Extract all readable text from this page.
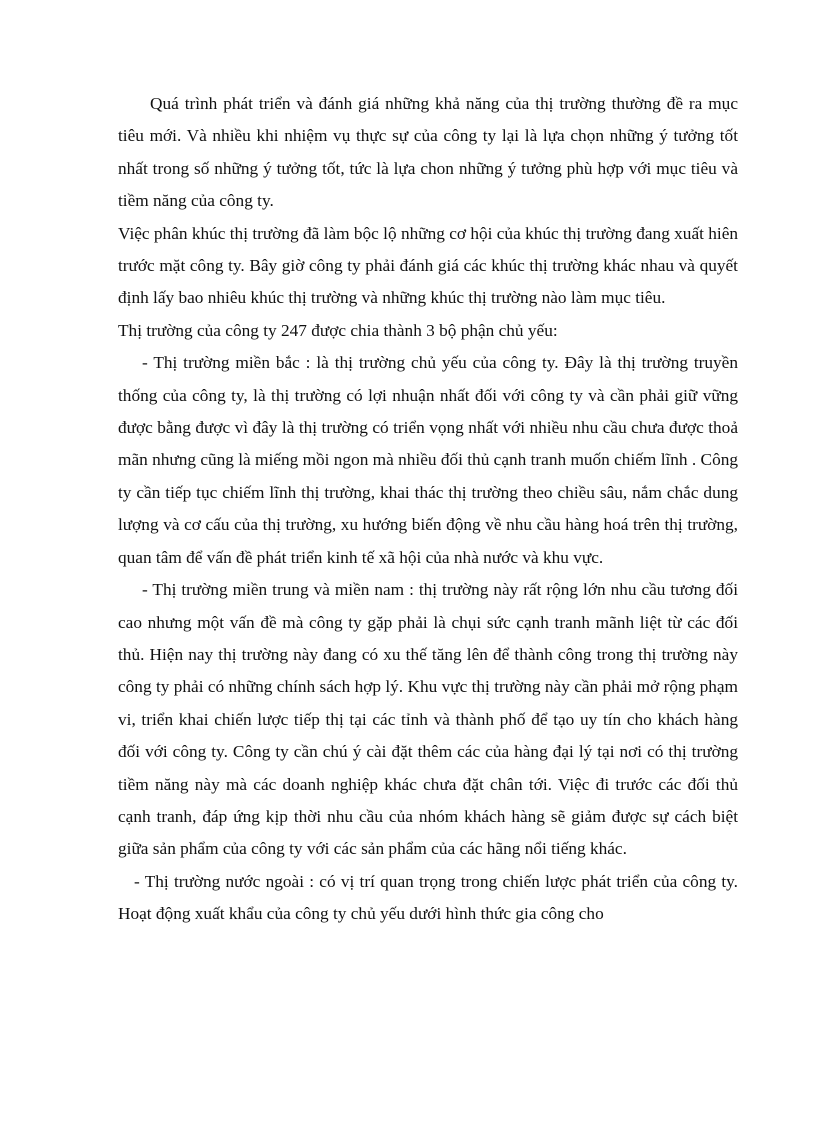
Quá trình phát triển và đánh giá những khả năng của thị trường thường đề ra mục tiêu mới. Và nhiều khi nhiệm vụ thực sự của công ty lại là lựa chọn những ý tưởng tốt nhất trong số những ý tưởng tốt, tức là lựa chon những ý tưởng phù hợp với mục tiêu và tiềm năng của công ty.

Việc phân khúc thị trường đã làm bộc lộ những cơ hội của khúc thị trường đang xuất hiên trước mặt công ty. Bây giờ công ty phải đánh giá các khúc thị trường khác nhau và quyết định lấy bao nhiêu khúc thị trường và những khúc thị trường nào làm mục tiêu.

Thị trường của công ty 247 được chia thành 3 bộ phận chủ yếu:

- Thị trường miền bắc : là thị trường chủ yếu của công ty. Đây là thị trường truyền thống của công ty, là thị trường có lợi nhuận nhất đối với công ty và cần phải giữ vững được bằng được vì đây là thị trường có triển vọng nhất với nhiều nhu cầu chưa được thoả mãn nhưng cũng là miếng mồi ngon mà nhiều đối thủ cạnh tranh muốn chiếm lĩnh . Công ty cần tiếp tục chiếm lĩnh thị trường, khai thác thị trường theo chiều sâu, nắm chắc dung lượng và cơ cấu của thị trường, xu hướng biến động về nhu cầu hàng hoá trên thị trường, quan tâm để vấn đề phát triển kinh tế xã hội của nhà nước và khu vực.

- Thị trường miền trung và miền nam : thị trường này rất rộng lớn nhu cầu tương đối cao nhưng một vấn đề mà công ty gặp phải là chụi sức cạnh tranh mãnh liệt từ các đối thủ. Hiện nay thị trường này đang có xu thế tăng lên để thành công trong thị trường này công ty phải có những chính sách hợp lý. Khu vực thị trường này cần phải mở rộng phạm vi, triển khai chiến lược tiếp thị tại các tỉnh và thành phố để tạo uy tín cho khách hàng đối với công ty. Công ty cần chú ý cài đặt thêm các của hàng đại lý tại nơi có thị trường tiềm năng này mà các doanh nghiệp khác chưa đặt chân tới. Việc đi trước các đối thủ cạnh tranh, đáp ứng kịp thời nhu cầu của nhóm khách hàng sẽ giảm được sự cách biệt giữa sản phẩm của công ty với các sản phẩm của các hãng nổi tiếng khác.

- Thị trường nước ngoài : có vị trí quan trọng trong chiến lược phát triển của công ty. Hoạt động xuất khẩu của công ty chủ yếu dưới hình thức gia công cho
